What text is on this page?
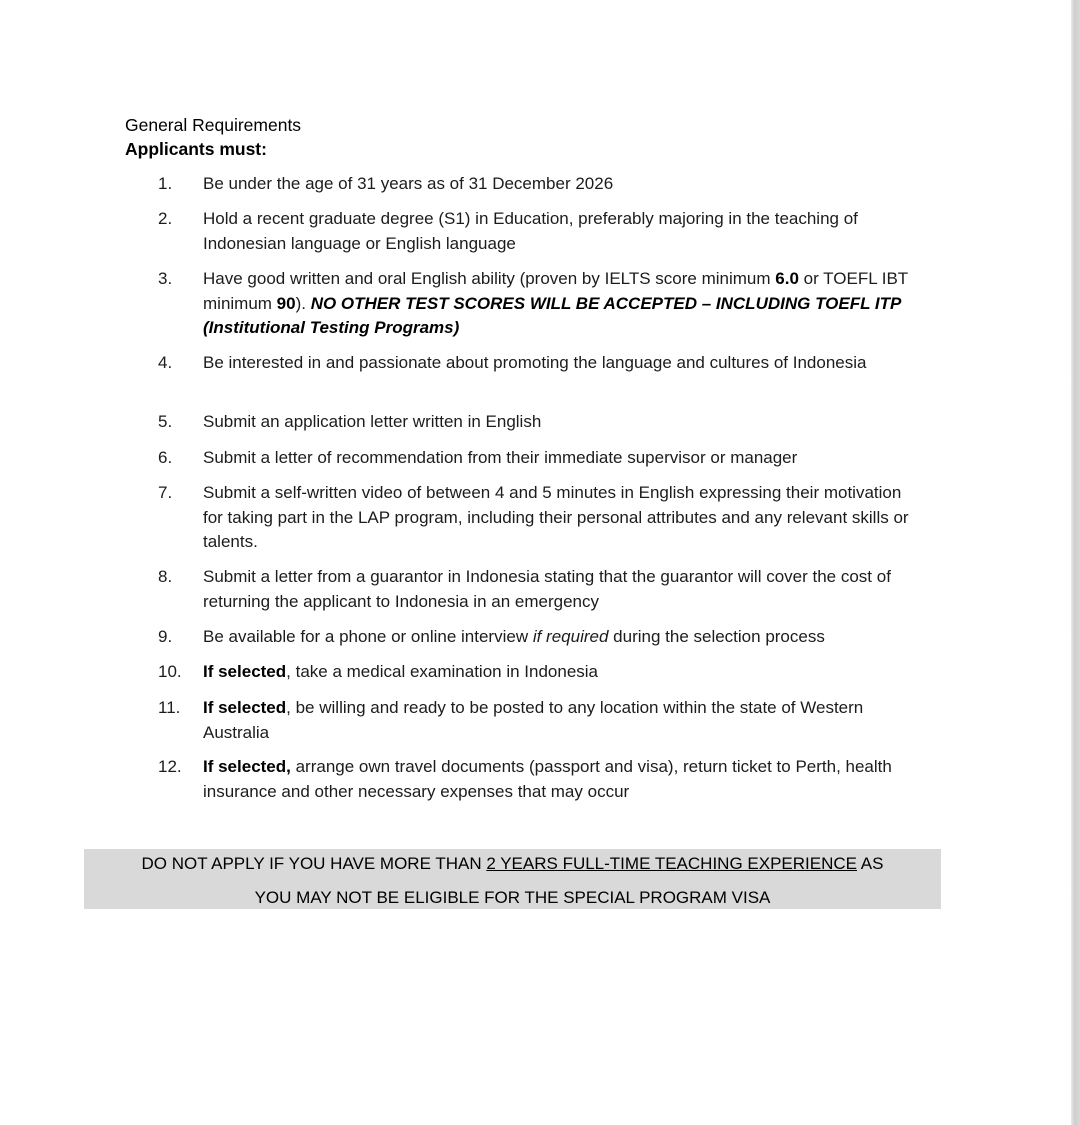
General Requirements
Applicants must:
1. Be under the age of 31 years as of 31 December 2026
2. Hold a recent graduate degree (S1) in Education, preferably majoring in the teaching of Indonesian language or English language
3. Have good written and oral English ability (proven by IELTS score minimum 6.0 or TOEFL IBT minimum 90). NO OTHER TEST SCORES WILL BE ACCEPTED – INCLUDING TOEFL ITP (Institutional Testing Programs)
4. Be interested in and passionate about promoting the language and cultures of Indonesia
5. Submit an application letter written in English
6. Submit a letter of recommendation from their immediate supervisor or manager
7. Submit a self-written video of between 4 and 5 minutes in English expressing their motivation for taking part in the LAP program, including their personal attributes and any relevant skills or talents.
8. Submit a letter from a guarantor in Indonesia stating that the guarantor will cover the cost of returning the applicant to Indonesia in an emergency
9. Be available for a phone or online interview if required during the selection process
10. If selected, take a medical examination in Indonesia
11. If selected, be willing and ready to be posted to any location within the state of Western Australia
12. If selected, arrange own travel documents (passport and visa), return ticket to Perth, health insurance and other necessary expenses that may occur
DO NOT APPLY IF YOU HAVE MORE THAN 2 YEARS FULL-TIME TEACHING EXPERIENCE AS
YOU MAY NOT BE ELIGIBLE FOR THE SPECIAL PROGRAM VISA
